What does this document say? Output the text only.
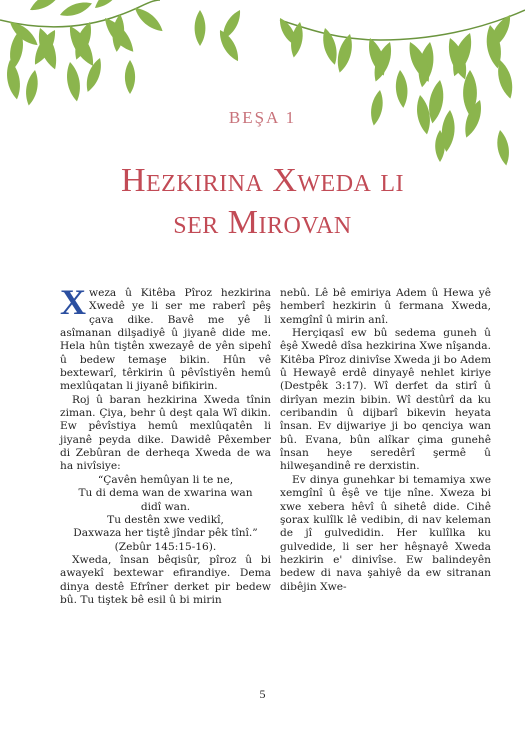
BEŞA 1
Hezkirina Xweda li
ser Mirovan

Xweza û Kitêba Pîroz hezkirina Xwedê ye li ser me raberî pêş çava dike. Bavê me yê li asîmanan dilşadiyê û jiyanê dide me. Hela hûn tiştên xwezayê de yên sipehî û bedew temaşe bikin. Hûn vê bextewarî, têrkirin û pêvîstiyên hemû mexlûqatan li jiyanê bifikirin.

Roj û baran hezkirina Xweda tînin ziman. Çiya, behr û deşt qala Wî dikin. Ew pêvîstiya hemû mexlûqatên li jiyanê peyda dike. Dawidê Pêxember di Zebûran de derheqa Xweda de wa ha nivîsiye:

“Çavên hemûyan li te ne,
Tu di dema wan de xwarina wan
didî wan.
Tu destên xwe vedikî,
Daxwaza her tiştê jîndar pêk tînî.”
(Zebûr 145:15-16).

Xweda, însan bêqisûr, pîroz û bi awayekî bextewar efirandiye. Dema dinya destê Efrîner derket pir bedew bû. Tu tiştek bê esil û bi mirin

nebû. Lê bê emiriya Adem û Hewa yê hemberî hezkirin û fermana Xweda, xemgînî û mirin anî.

Herçiqasî ew bû sedema guneh û êşê Xwedê dîsa hezkirina Xwe nîşanda. Kitêba Pîroz dinivîse Xweda ji bo Adem û Hewayê erdê dinyayê nehlet kiriye (Destpêk 3:17). Wî derfet da stirî û dirîyan mezin bibin. Wî destûrî da ku ceribandin û dijbarî bikevin heyata însan. Ev dijwariye ji bo qenciya wan bû. Evana, bûn alîkar çima gunehê însan heye seredêrî şermê û hilweşandinê re derxistin.

Ev dinya gunehkar bi temamiya xwe xemgînî û êşê ve tije nîne. Xweza bi xwe xebera hêvî û sihetê dide. Cihê şorax kulîlk lê vedibin, di nav keleman de jî gulvedidin. Her kulîlka ku gulvedide, li ser her hêşnayê Xweda hezkirin e' dinivîse. Ew balindeyên bedew di nava şahiyê da ew sitranan dibêjin Xwe-

5
